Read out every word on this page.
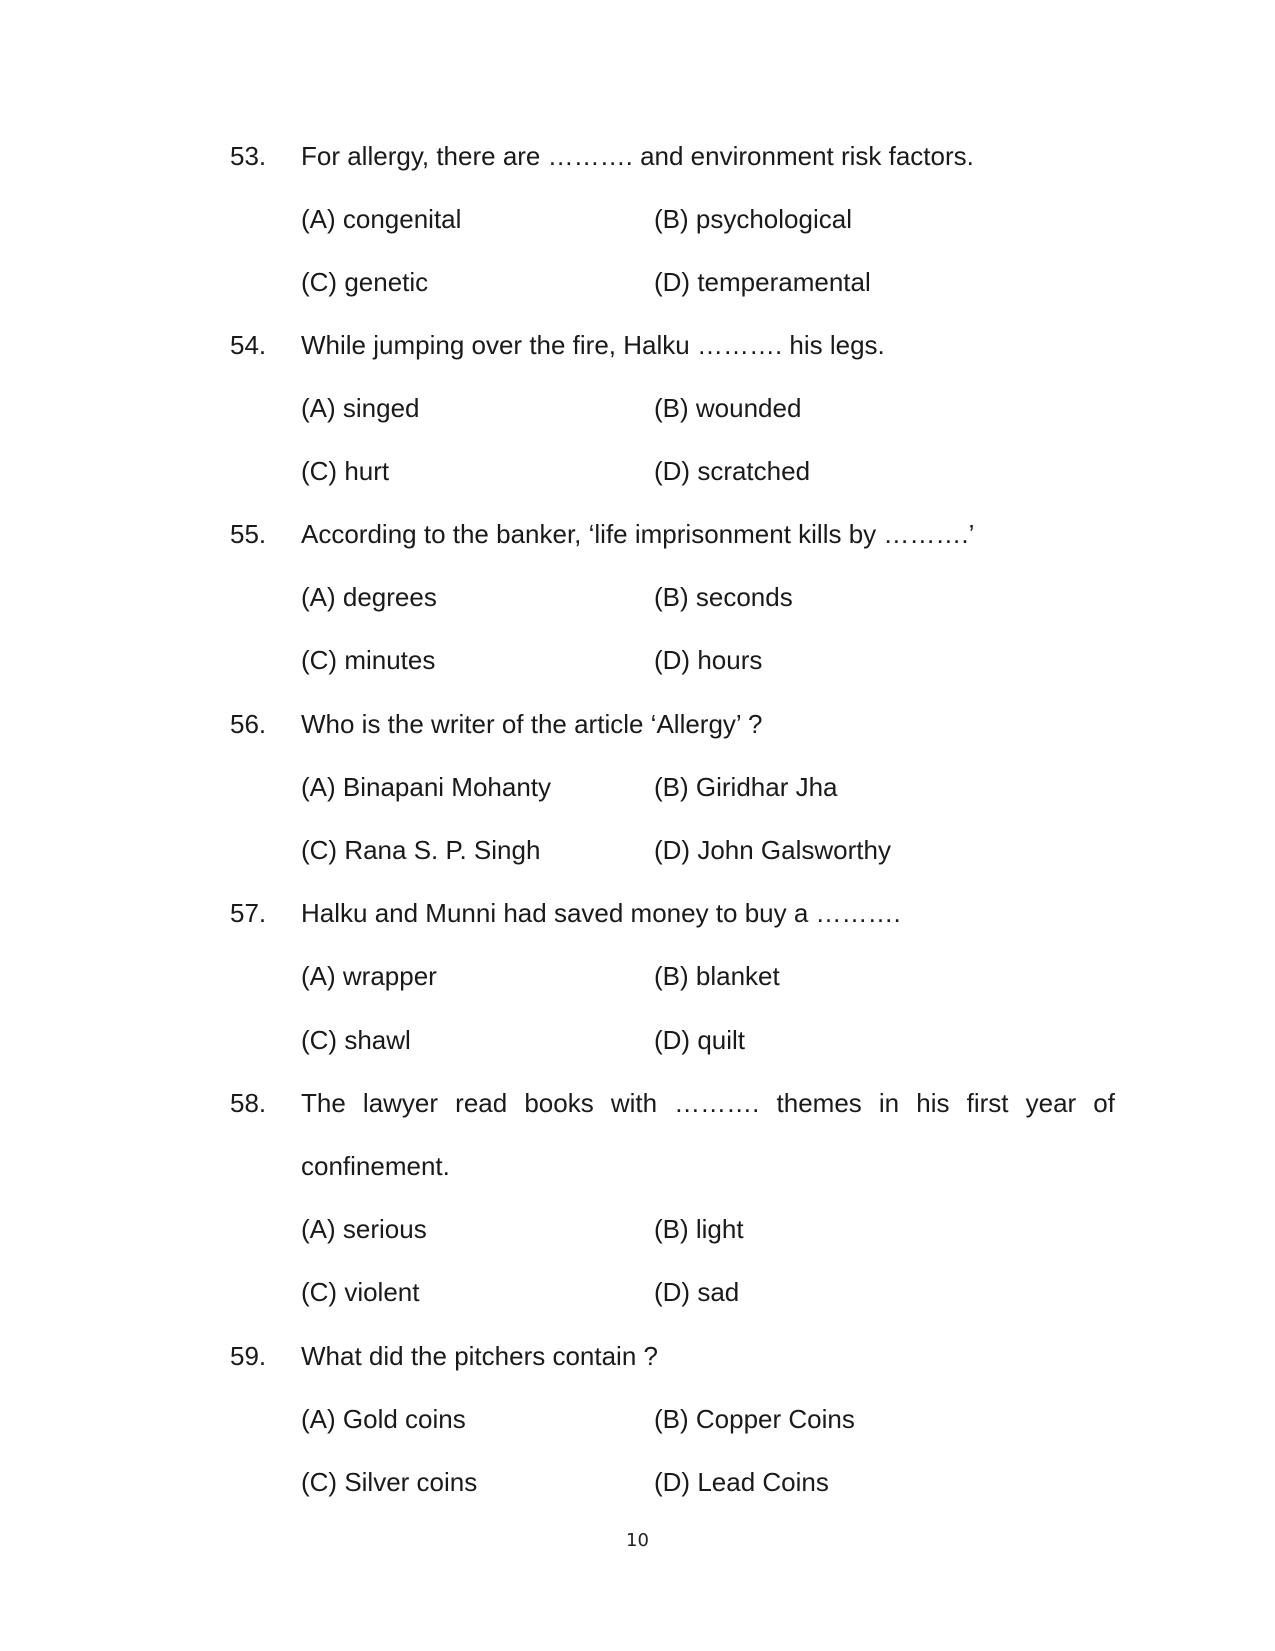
53. For allergy, there are ………. and environment risk factors.
(A) congenital	(B) psychological
(C) genetic	(D) temperamental
54. While jumping over the fire, Halku ………. his legs.
(A) singed	(B) wounded
(C) hurt	(D) scratched
55. According to the banker, ‘life imprisonment kills by ……….’
(A) degrees	(B) seconds
(C) minutes	(D) hours
56. Who is the writer of the article ‘Allergy’ ?
(A) Binapani Mohanty	(B) Giridhar Jha
(C) Rana S. P. Singh	(D) John Galsworthy
57. Halku and Munni had saved money to buy a ……….
(A) wrapper	(B) blanket
(C) shawl	(D) quilt
58. The lawyer read books with ………. themes in his first year of
confinement.
(A) serious	(B) light
(C) violent	(D) sad
59. What did the pitchers contain ?
(A) Gold coins	(B) Copper Coins
(C) Silver coins	(D) Lead Coins
10
